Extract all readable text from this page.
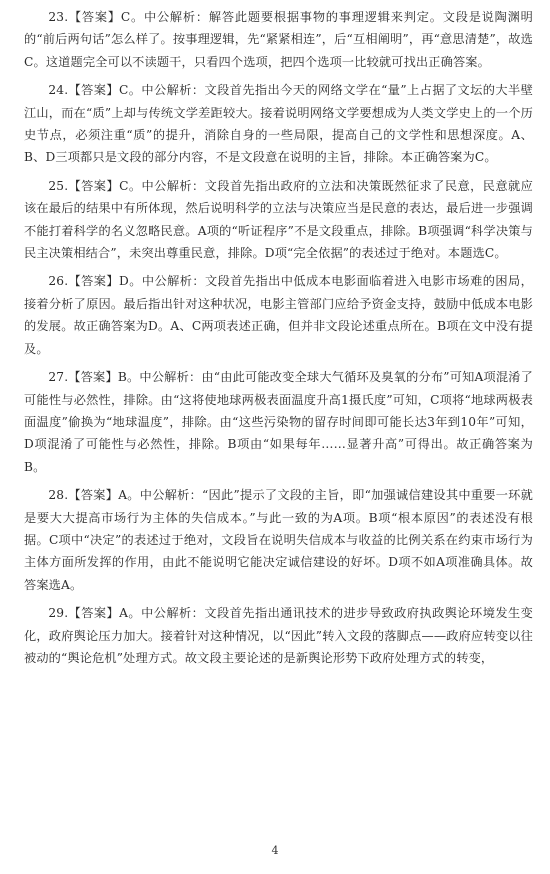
23.【答案】C。中公解析：解答此题要根据事物的事理逻辑来判定。文段是说陶渊明的“前后两句话”怎么样了。按事理逻辑，先“紧紧相连”，后“互相阐明”，再“意思清楚”，故选C。这道题完全可以不读题干，只看四个选项，把四个选项一比较就可找出正确答案。

24.【答案】C。中公解析：文段首先指出今天的网络文学在“量”上占据了文坛的大半壁江山，而在“质”上却与传统文学差距较大。接着说明网络文学要想成为人类文学史上的一个历史节点，必须注重“质”的提升，消除自身的一些局限，提高自己的文学性和思想深度。A、B、D三项都只是文段的部分内容，不是文段意在说明的主旨，排除。本正确答案为C。

25.【答案】C。中公解析：文段首先指出政府的立法和决策既然征求了民意，民意就应该在最后的结果中有所体现，然后说明科学的立法与决策应当是民意的表达，最后进一步强调不能打着科学的名义忽略民意。A项的“听证程序”不是文段重点，排除。B项强调“科学决策与民主决策相结合”，未突出尊重民意，排除。D项“完全依据”的表述过于绝对。本题选C。

26.【答案】D。中公解析：文段首先指出中低成本电影面临着进入电影市场难的困局，接着分析了原因。最后指出针对这种状况，电影主管部门应给予资金支持，鼓励中低成本电影的发展。故正确答案为D。A、C两项表述正确，但并非文段论述重点所在。B项在文中没有提及。

27.【答案】B。中公解析：由“由此可能改变全球大气循环及臭氧的分布”可知A项混淆了可能性与必然性，排除。由“这将使地球两极表面温度升高1摄氏度”可知，C项将“地球两极表面温度”偷换为“地球温度”，排除。由“这些污染物的留存时间即可能长达3年到10年”可知，D项混淆了可能性与必然性，排除。B项由“如果每年……显著升高”可得出。故正确答案为B。

28.【答案】A。中公解析：“因此”提示了文段的主旨，即“加强诚信建设其中重要一环就是要大大提高市场行为主体的失信成本。”与此一致的为A项。B项“根本原因”的表述没有根据。C项中“决定”的表述过于绝对，文段旨在说明失信成本与收益的比例关系在约束市场行为主体方面所发挥的作用，由此不能说明它能决定诚信建设的好坏。D项不如A项准确具体。故答案选A。

29.【答案】A。中公解析：文段首先指出通讯技术的进步导致政府执政舆论环境发生变化，政府舆论压力加大。接着针对这种情况，以“因此”转入文段的落脚点——政府应转变以往被动的“舆论危机”处理方式。故文段主要论述的是新舆论形势下政府处理方式的转变，

4
